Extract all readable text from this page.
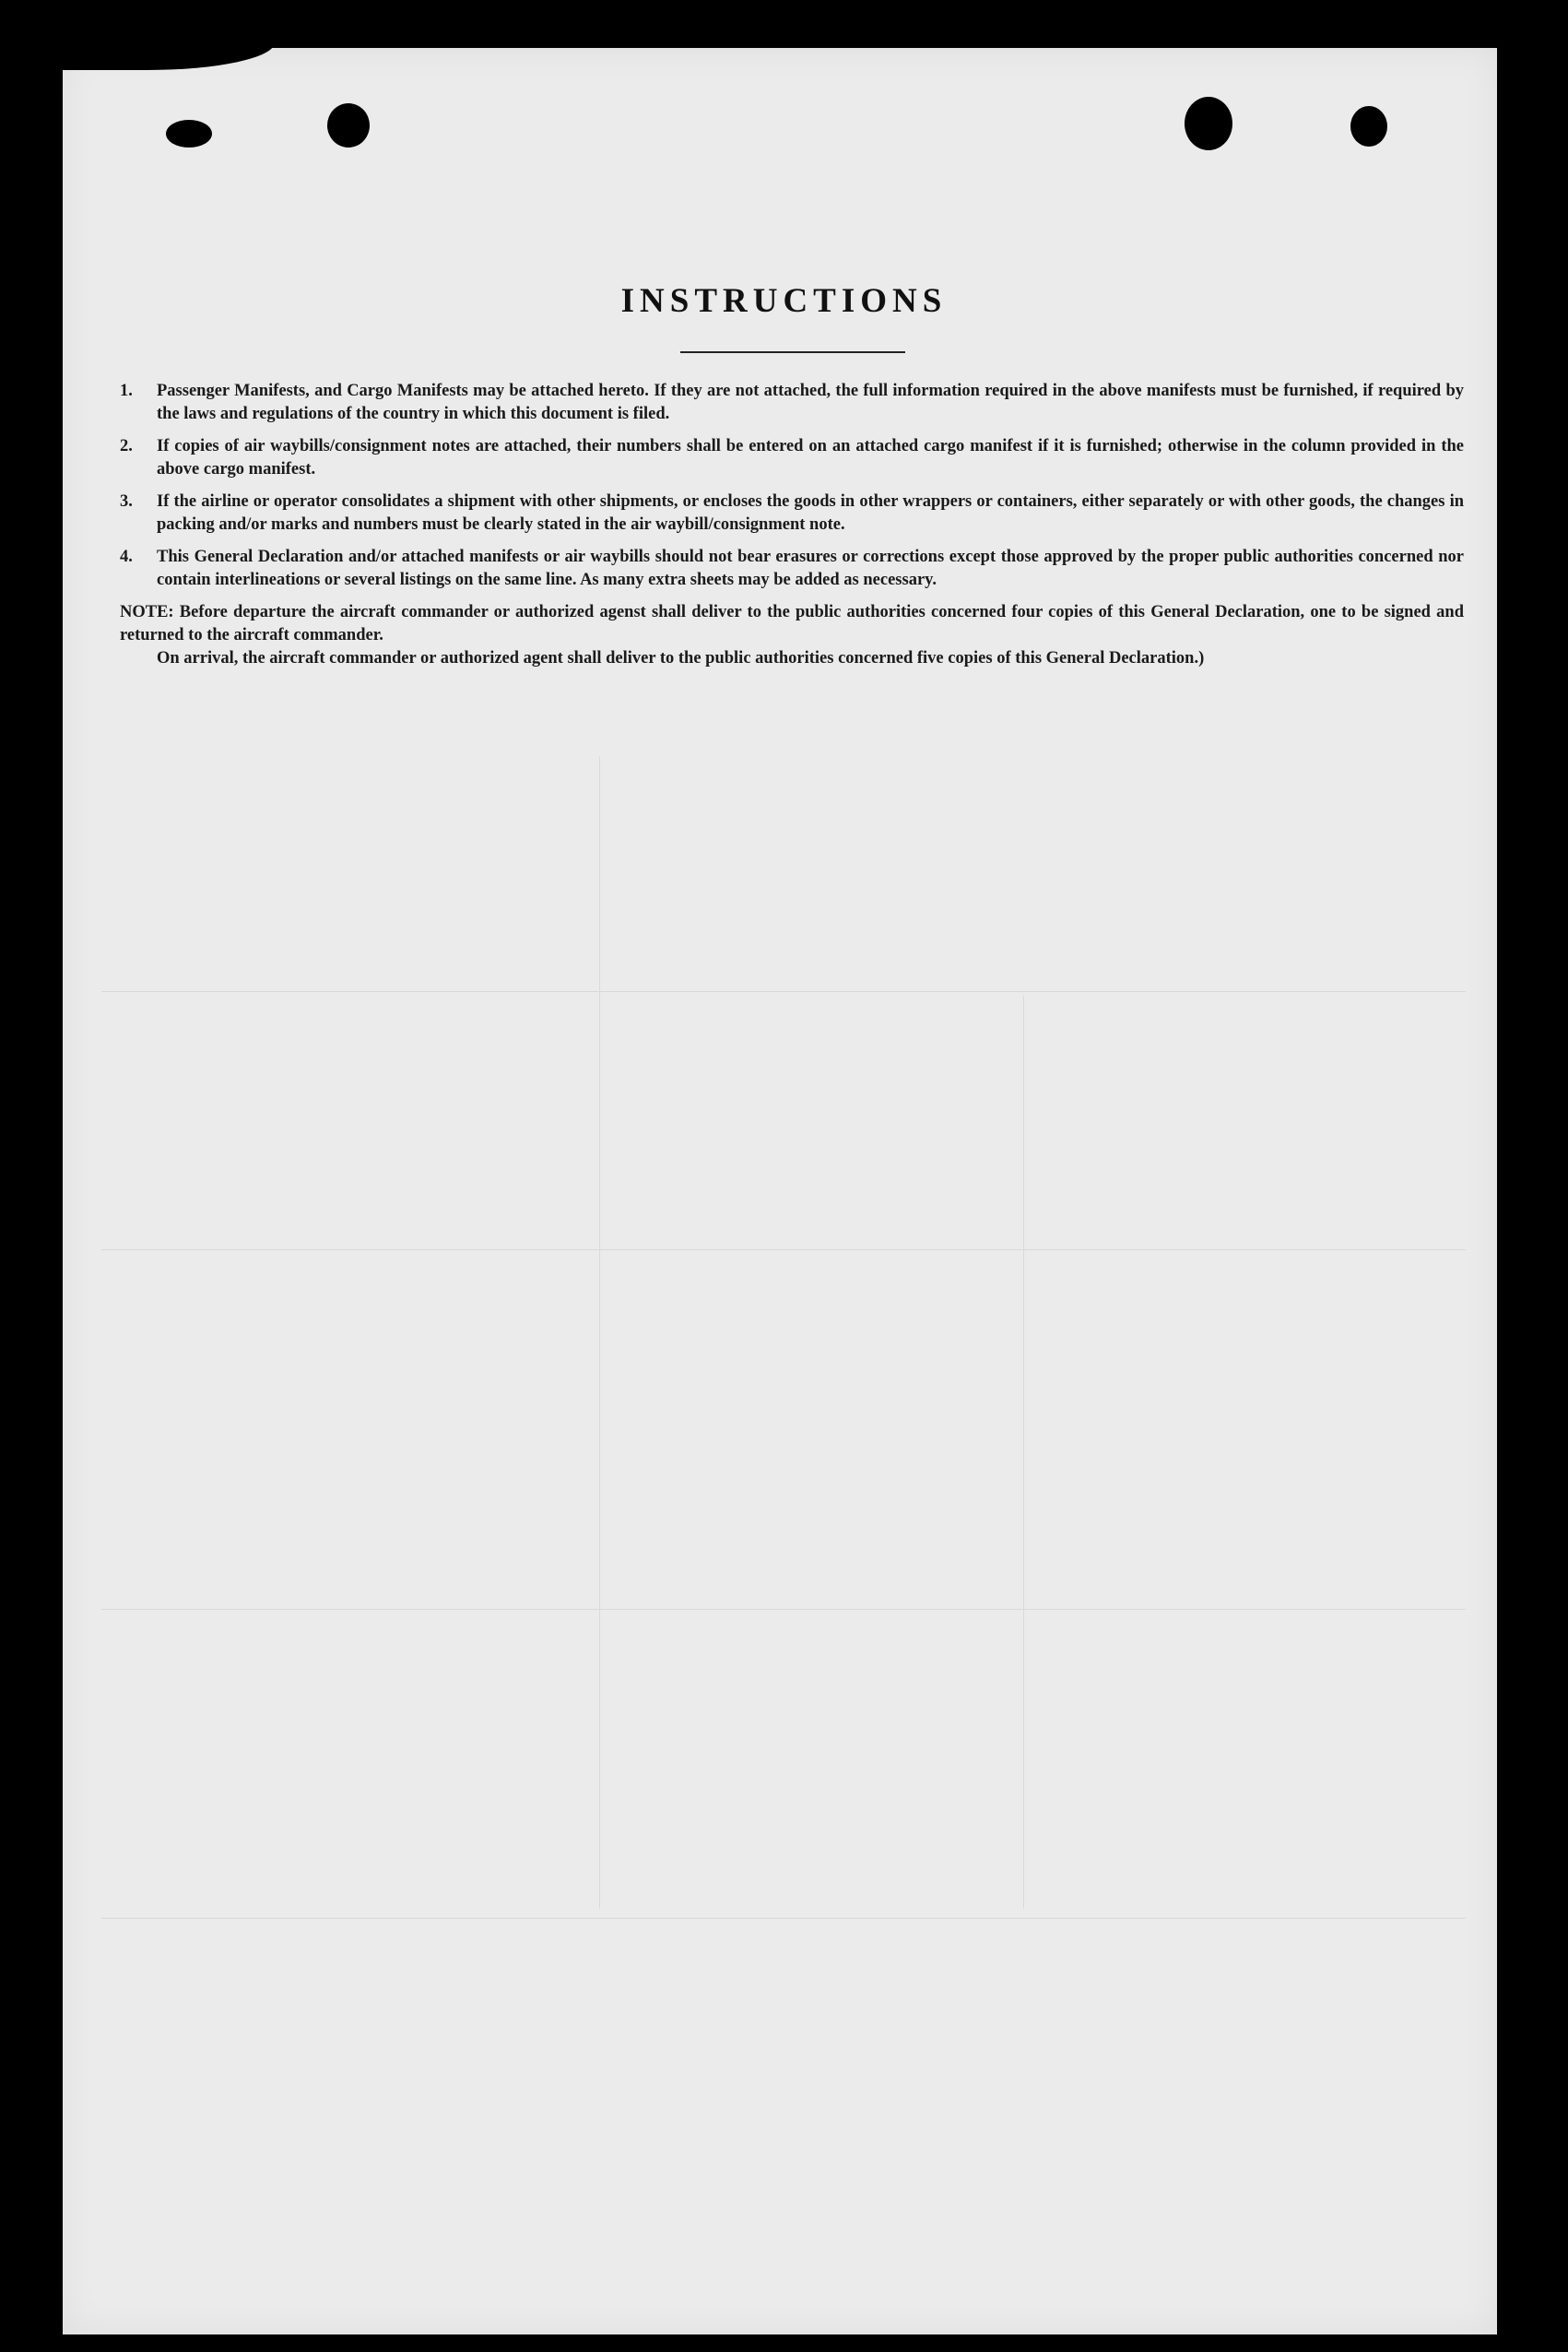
INSTRUCTIONS
1.	Passenger Manifests, and Cargo Manifests may be attached hereto. If they are not attached, the full information required in the above manifests must be furnished, if required by the laws and regulations of the country in which this document is filed.
2.	If copies of air waybills/consignment notes are attached, their numbers shall be entered on an attached cargo manifest if it is furnished; otherwise in the column provided in the above cargo manifest.
3.	If the airline or operator consolidates a shipment with other shipments, or encloses the goods in other wrappers or containers, either separately or with other goods, the changes in packing and/or marks and numbers must be clearly stated in the air waybill/consignment note.
4.	This General Declaration and/or attached manifests or air waybills should not bear erasures or corrections except those approved by the proper public authorities concerned nor contain interlineations or several listings on the same line. As many extra sheets may be added as necessary.
NOTE: Before departure the aircraft commander or authorized agenst shall deliver to the public authorities concerned four copies of this General Declaration, one to be signed and returned to the aircraft commander.
On arrival, the aircraft commander or authorized agent shall deliver to the public authorities concerned five copies of this General Declaration.)
